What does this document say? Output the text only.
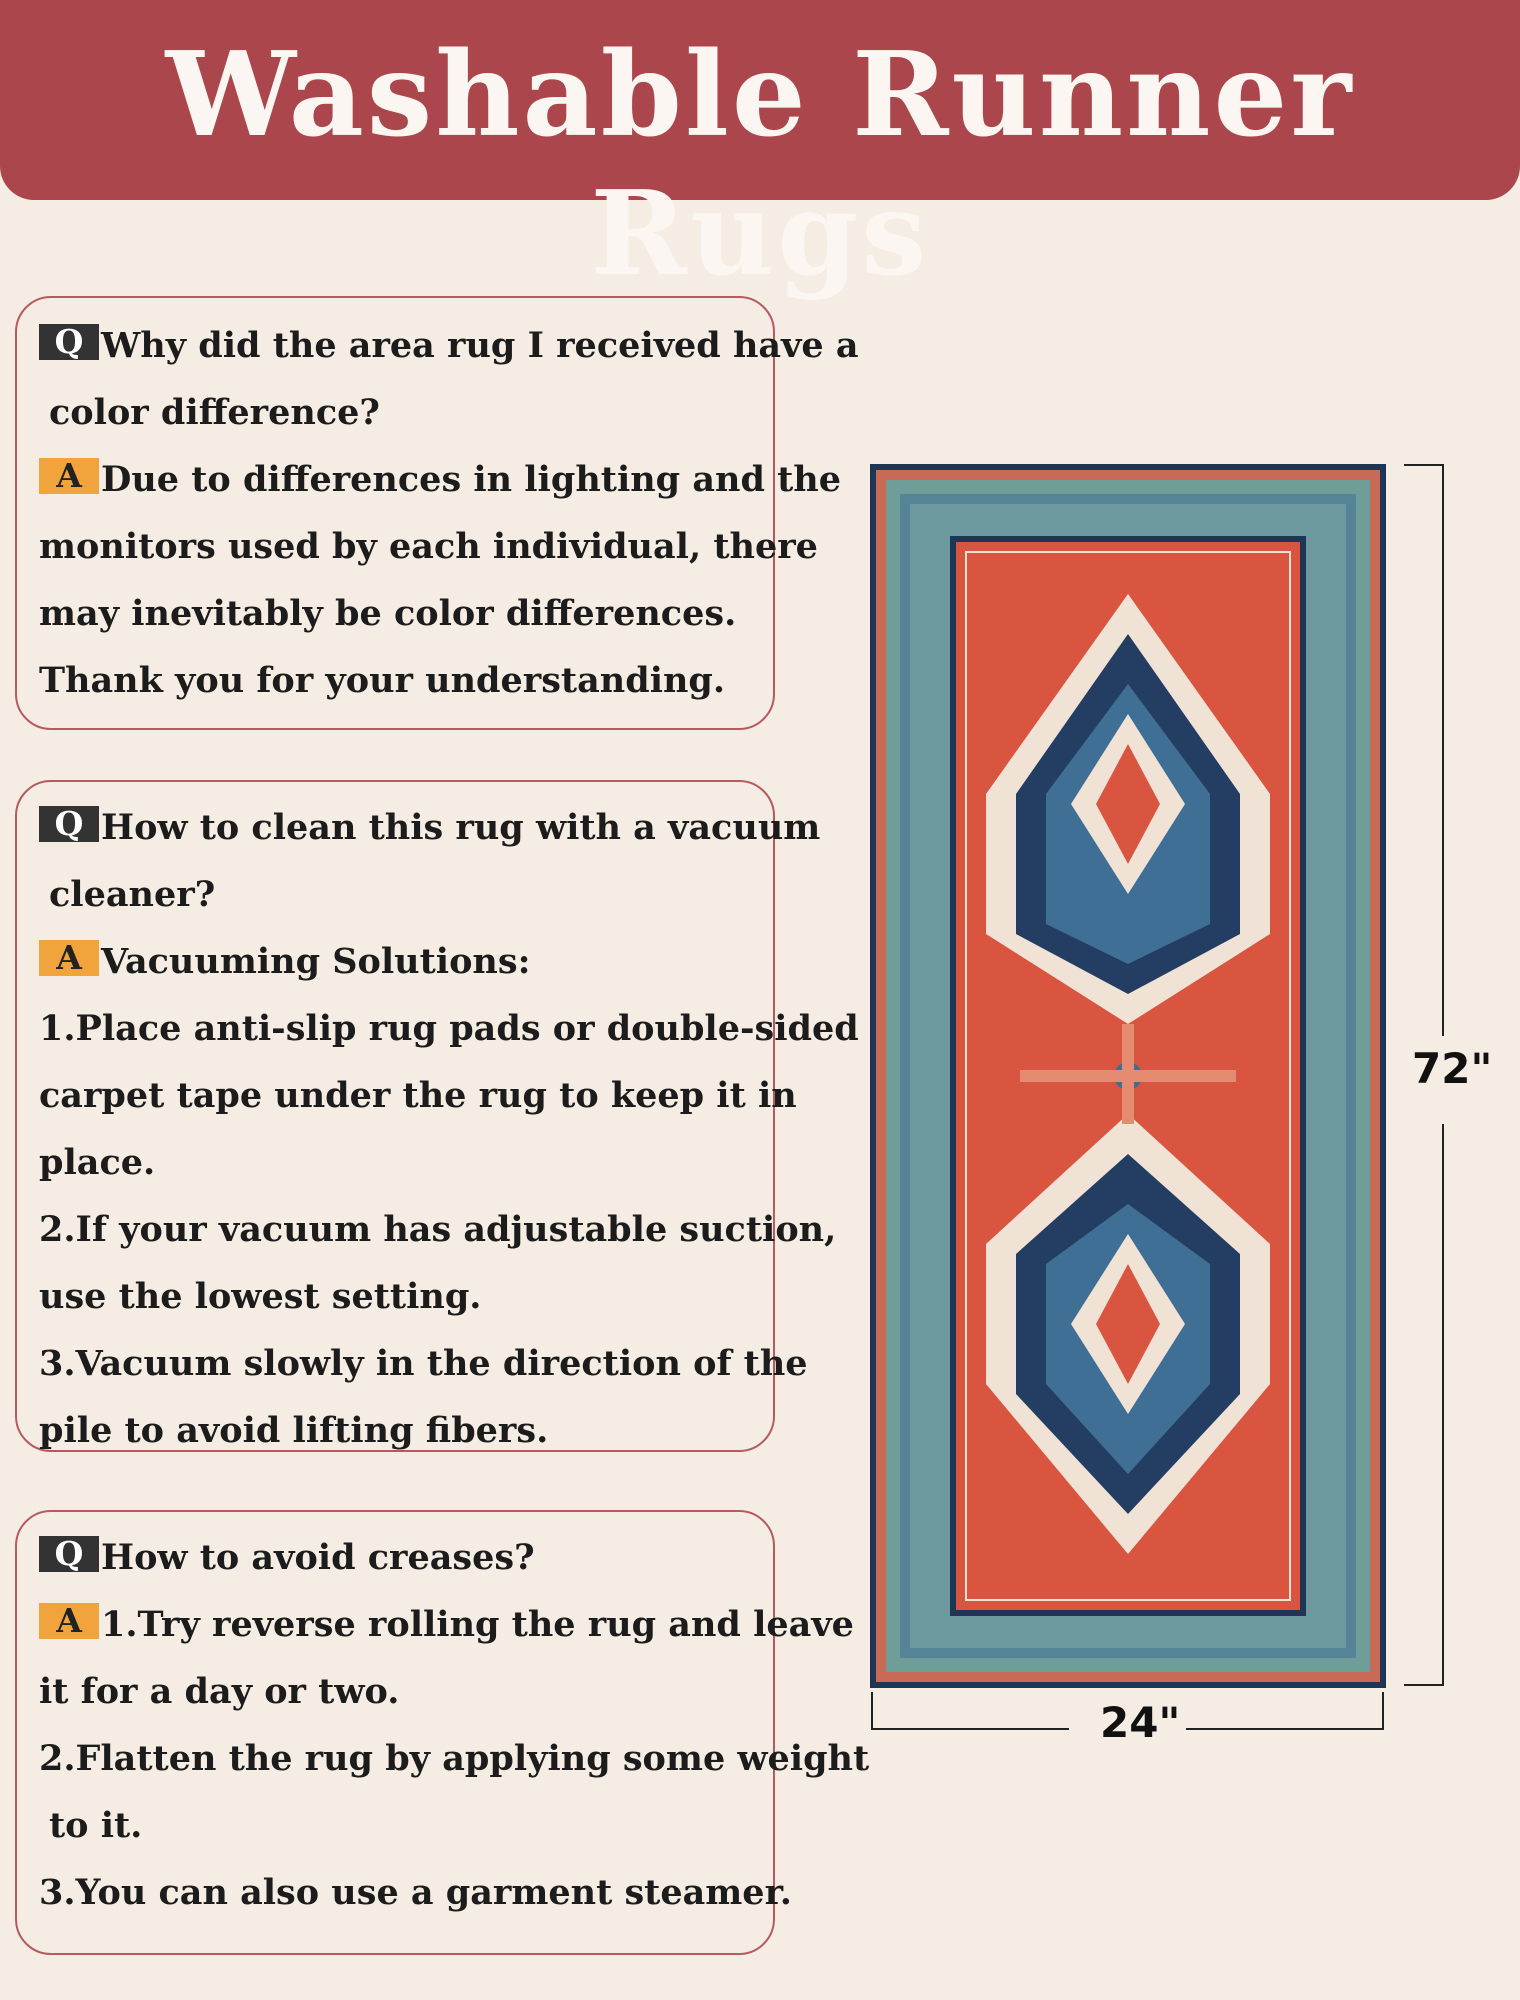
Washable Runner Rugs

Q Why did the area rug I received have a

color difference?

A Due to differences in lighting and the

monitors used by each individual, there

may inevitably be color differences.

Thank you for your understanding.

Q How to clean this rug with a vacuum

cleaner?

A Vacuuming Solutions:

1.Place anti-slip rug pads or double-sided

carpet tape under the rug to keep it in

place.

2.If your vacuum has adjustable suction,

use the lowest setting.

3.Vacuum slowly in the direction of the

pile to avoid lifting fibers.

Q How to avoid creases?

A 1.Try reverse rolling the rug and leave

it for a day or two.

2.Flatten the rug by applying some weight

to it.

3.You can also use a garment steamer.

72"
24"
